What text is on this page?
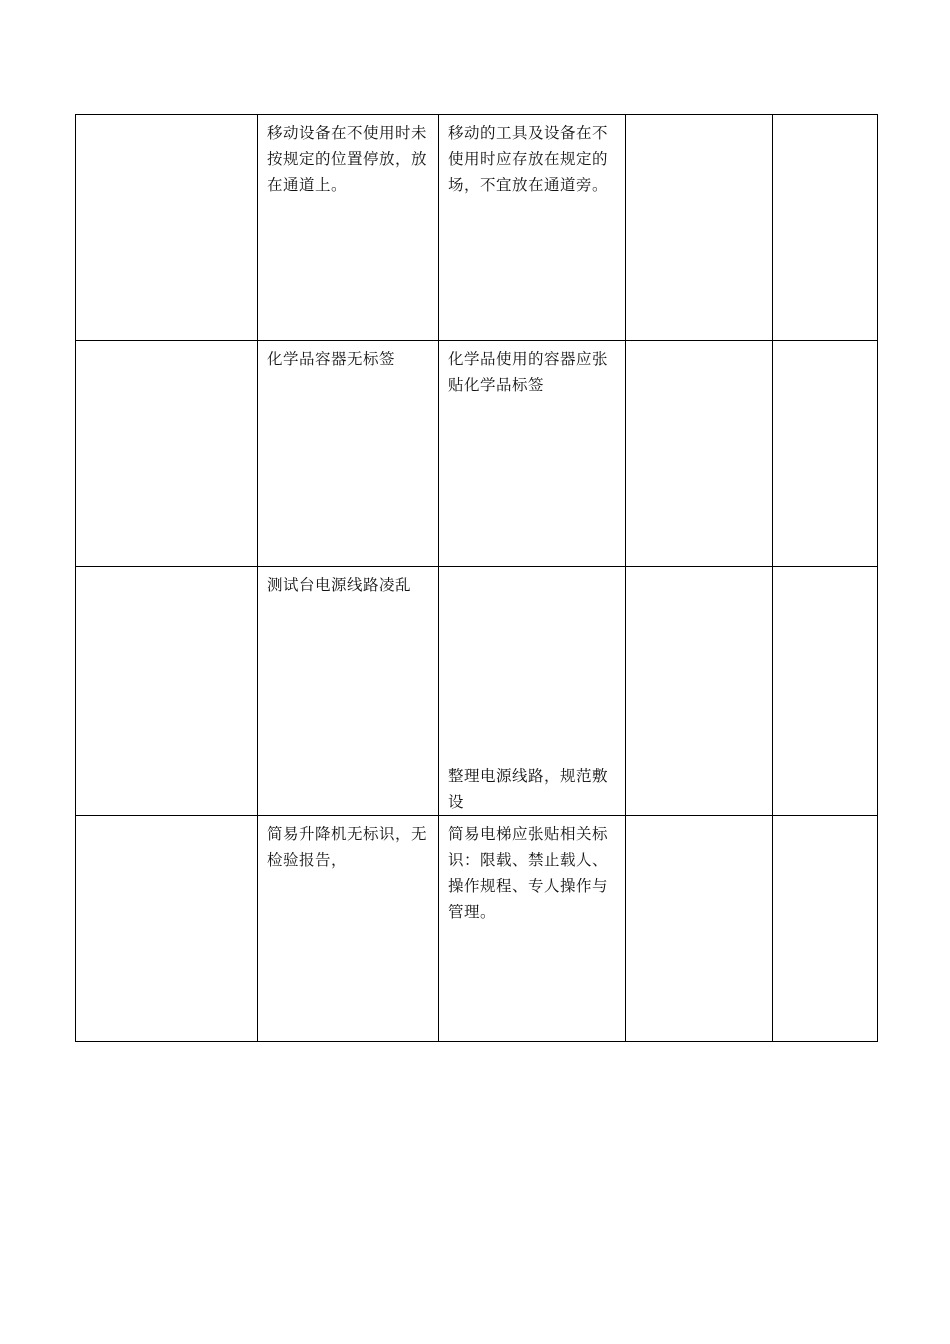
	移动设备在不使用时未按规定的位置停放，放在通道上。	移动的工具及设备在不使用时应存放在规定的场，不宜放在通道旁。		
	化学品容器无标签	化学品使用的容器应张贴化学品标签		
	测试台电源线路凌乱	整理电源线路，规范敷设		
	简易升降机无标识，无检验报告，	简易电梯应张贴相关标识：限载、禁止载人、操作规程、专人操作与管理。		
